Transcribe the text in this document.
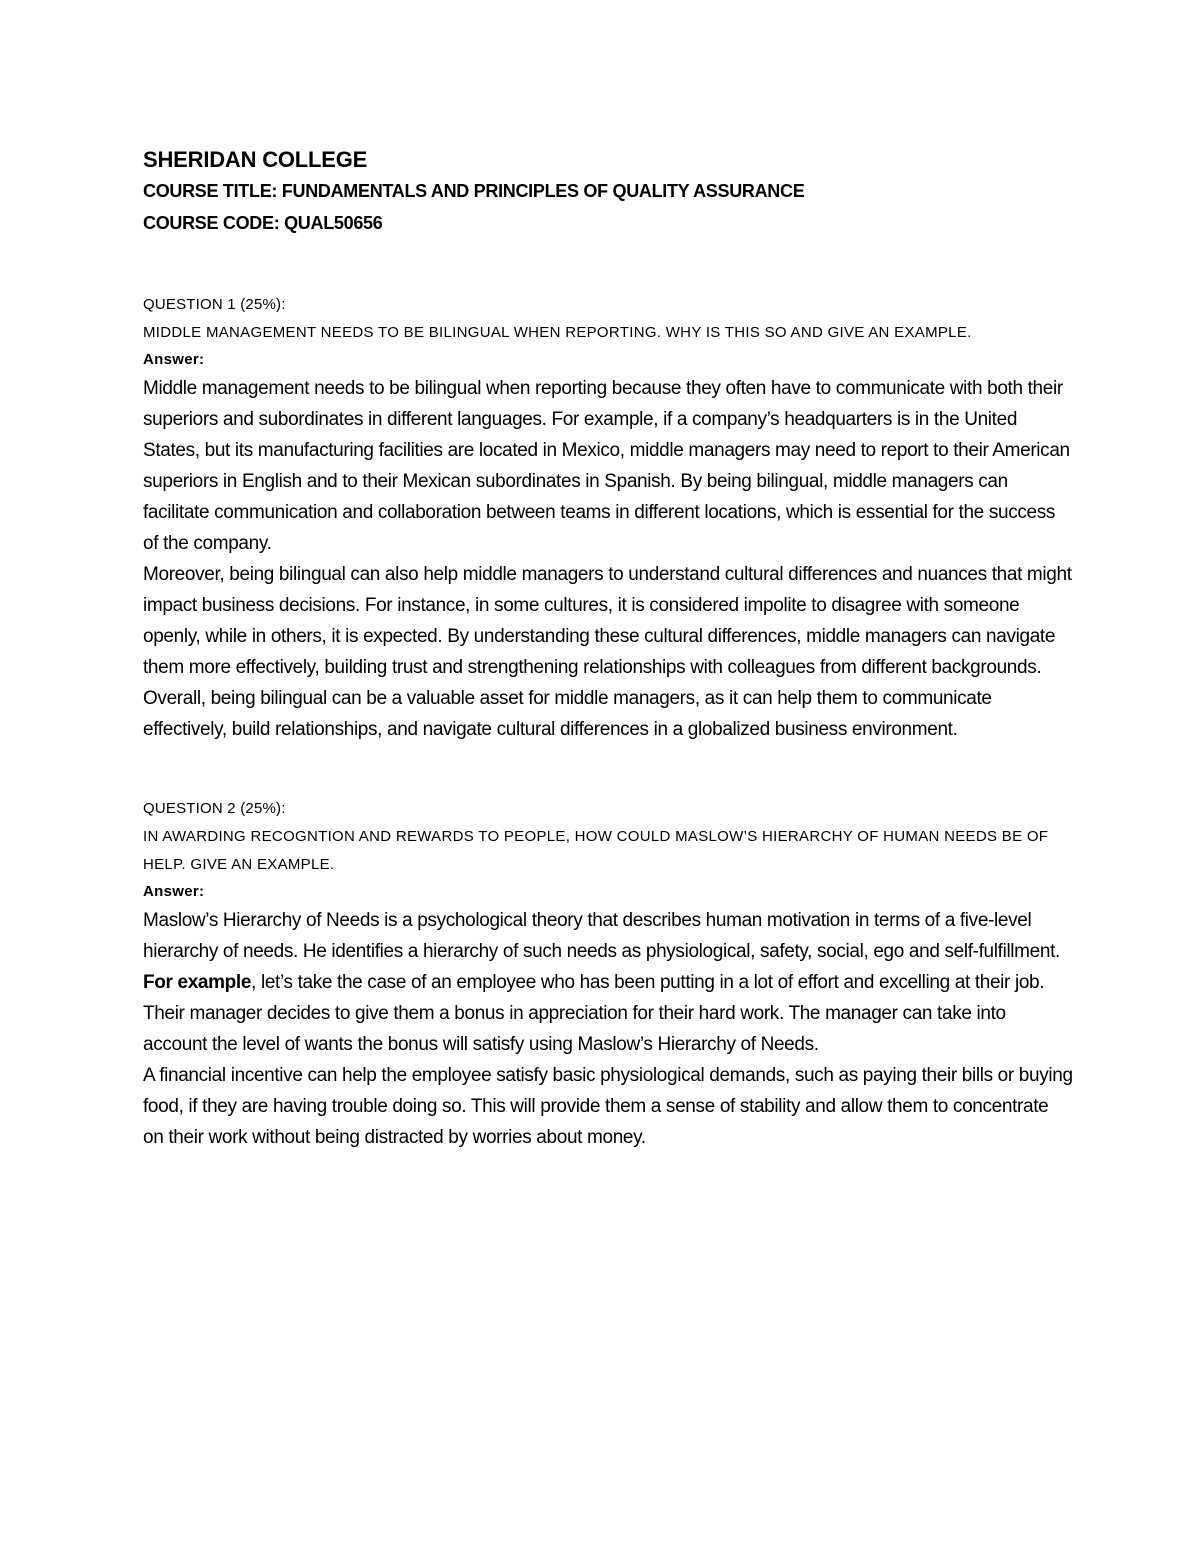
SHERIDAN COLLEGE

COURSE TITLE: FUNDAMENTALS AND PRINCIPLES OF QUALITY ASSURANCE

COURSE CODE: QUAL50656

QUESTION 1 (25%):

MIDDLE MANAGEMENT NEEDS TO BE BILINGUAL WHEN REPORTING. WHY IS THIS SO AND GIVE AN EXAMPLE.

Answer:

Middle management needs to be bilingual when reporting because they often have to communicate with both their superiors and subordinates in different languages. For example, if a company’s headquarters is in the United States, but its manufacturing facilities are located in Mexico, middle managers may need to report to their American superiors in English and to their Mexican subordinates in Spanish. By being bilingual, middle managers can facilitate communication and collaboration between teams in different locations, which is essential for the success of the company.

Moreover, being bilingual can also help middle managers to understand cultural differences and nuances that might impact business decisions. For instance, in some cultures, it is considered impolite to disagree with someone openly, while in others, it is expected. By understanding these cultural differences, middle managers can navigate them more effectively, building trust and strengthening relationships with colleagues from different backgrounds.

Overall, being bilingual can be a valuable asset for middle managers, as it can help them to communicate effectively, build relationships, and navigate cultural differences in a globalized business environment.

QUESTION 2 (25%):

IN AWARDING RECOGNTION AND REWARDS TO PEOPLE, HOW COULD MASLOW’S HIERARCHY OF HUMAN NEEDS BE OF HELP. GIVE AN EXAMPLE.

Answer:

Maslow’s Hierarchy of Needs is a psychological theory that describes human motivation in terms of a five-level hierarchy of needs. He identifies a hierarchy of such needs as physiological, safety, social, ego and self-fulfillment.

For example, let’s take the case of an employee who has been putting in a lot of effort and excelling at their job. Their manager decides to give them a bonus in appreciation for their hard work. The manager can take into account the level of wants the bonus will satisfy using Maslow’s Hierarchy of Needs.

A financial incentive can help the employee satisfy basic physiological demands, such as paying their bills or buying food, if they are having trouble doing so. This will provide them a sense of stability and allow them to concentrate on their work without being distracted by worries about money.
